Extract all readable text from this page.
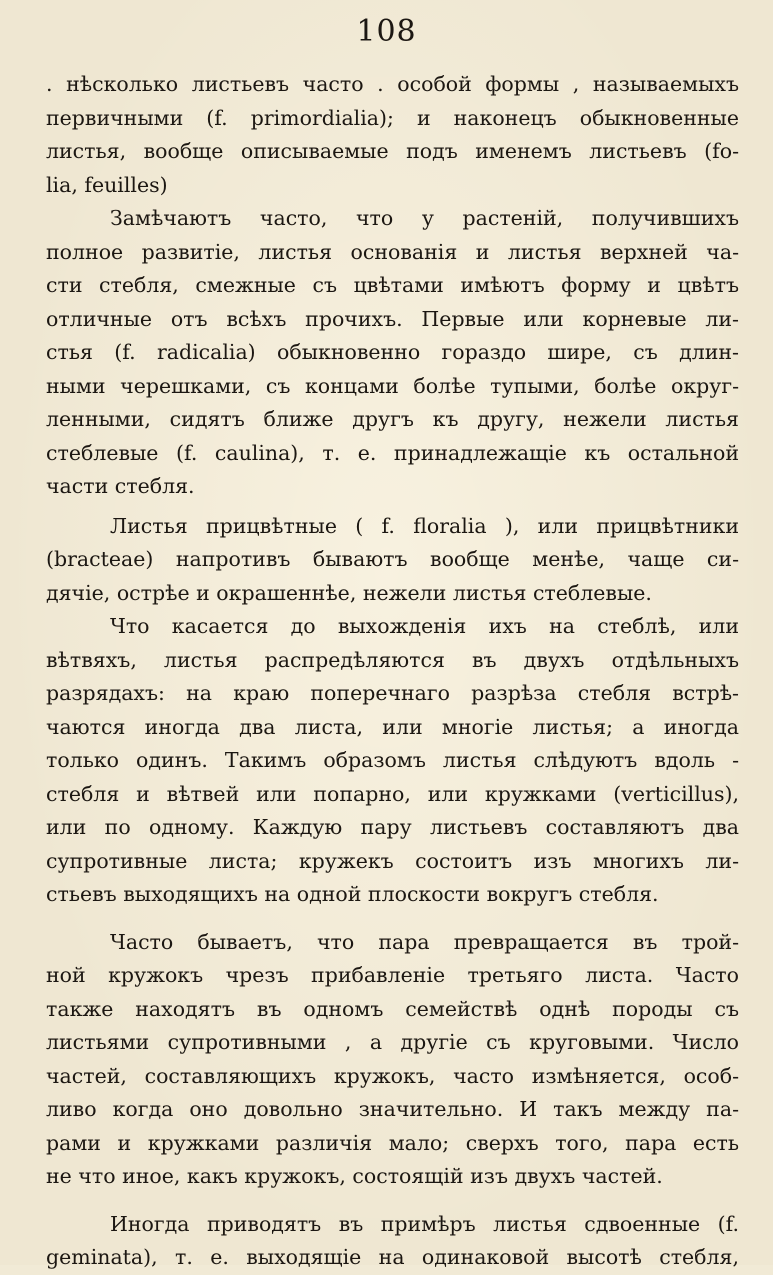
108
. нѣсколько листьевъ часто . особой формы , называемыхъ
первичными (f. primordialia); и наконецъ обыкновенные
листья, вообще описываемые подъ именемъ листьевъ (fo-
lia, feuilles)
Замѣчаютъ часто, что у растеній, получившихъ
полное развитіе, листья основанія и листья верхней ча-
сти стебля, смежные съ цвѣтами имѣютъ форму и цвѣтъ
отличные отъ всѣхъ прочихъ. Первые или корневые ли-
стья (f. radicalia) обыкновенно гораздо шире, съ длин-
ными черешками, съ концами болѣе тупыми, болѣе округ-
ленными, сидятъ ближе другъ къ другу, нежели листья
стеблевые (f. caulina), т. е. принадлежащіе къ остальной
части стебля.
Листья прицвѣтные ( f. floralia ), или прицвѣтники
(bracteae) напротивъ бываютъ вообще менѣе, чаще си-
дячіе, острѣе и окрашеннѣе, нежели листья стеблевые.
Что касается до выхожденія ихъ на стеблѣ, или
вѣтвяхъ, листья распредѣляются въ двухъ отдѣльныхъ
разрядахъ: на краю поперечнаго разрѣза стебля встрѣ-
чаются иногда два листа, или многіе листья; а иногда
только одинъ. Такимъ образомъ листья слѣдуютъ вдоль -
стебля и вѣтвей или попарно, или кружками (verticillus),
или по одному. Каждую пару листьевъ составляютъ два
супротивные листа; кружекъ состоитъ изъ многихъ ли-
стьевъ выходящихъ на одной плоскости вокругъ стебля.
Часто бываетъ, что пара превращается въ трой-
ной кружокъ чрезъ прибавленіе третьяго листа. Часто
также находятъ въ одномъ семействѣ однѣ породы съ
листьями супротивными , а другіе съ круговыми. Число
частей, составляющихъ кружокъ, часто измѣняется, особ-
ливо когда оно довольно значительно. И такъ между па-
рами и кружками различія мало; сверхъ того, пара есть
не что иное, какъ кружокъ, состоящій изъ двухъ частей.
Иногда приводятъ въ примѣръ листья сдвоенные (f.
geminata), т. е. выходящіе на одинаковой высотѣ стебля,
